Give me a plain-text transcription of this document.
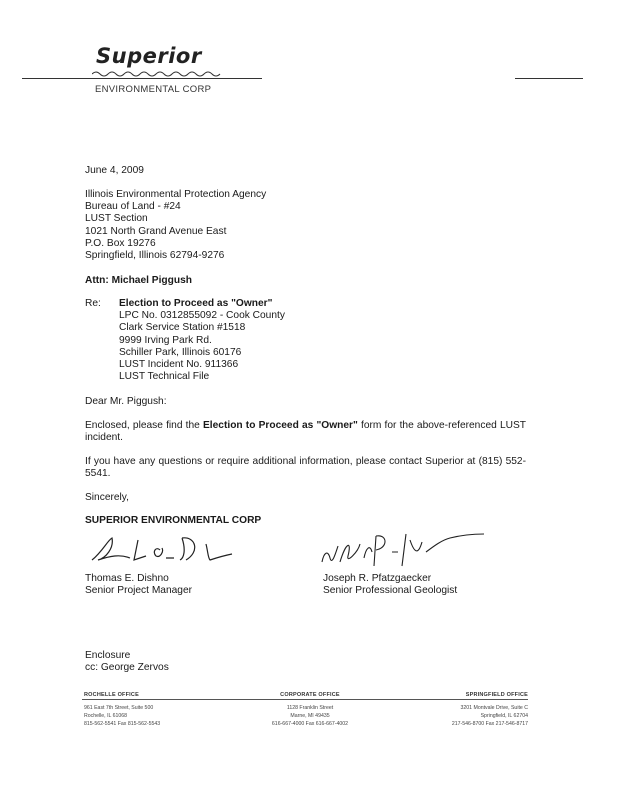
Superior
ENVIRONMENTAL CORP
June 4, 2009
Illinois Environmental Protection Agency
Bureau of Land - #24
LUST Section
1021 North Grand Avenue East
P.O. Box 19276
Springfield, Illinois 62794-9276
Attn: Michael Piggush
Re: Election to Proceed as "Owner"
LPC No. 0312855092 - Cook County
Clark Service Station #1518
9999 Irving Park Rd.
Schiller Park, Illinois 60176
LUST Incident No. 911366
LUST Technical File
Dear Mr. Piggush:
Enclosed, please find the Election to Proceed as "Owner" form for the above-referenced LUST incident.
If you have any questions or require additional information, please contact Superior at (815) 552-5541.
Sincerely,
SUPERIOR ENVIRONMENTAL CORP
Thomas E. Dishno
Senior Project Manager
Joseph R. Pfatzgaecker
Senior Professional Geologist
Enclosure
cc: George Zervos
ROCHELLE OFFICE
961 East 7th Street, Suite 500
Rochelle, IL 61068
815-562-5541 Fax 815-562-5543
CORPORATE OFFICE
1128 Franklin Street
Marne, MI 49435
616-667-4000 Fax 616-667-4002
SPRINGFIELD OFFICE
3201 Montvale Drive, Suite C
Springfield, IL 62704
217-546-8700 Fax 217-546-8717
